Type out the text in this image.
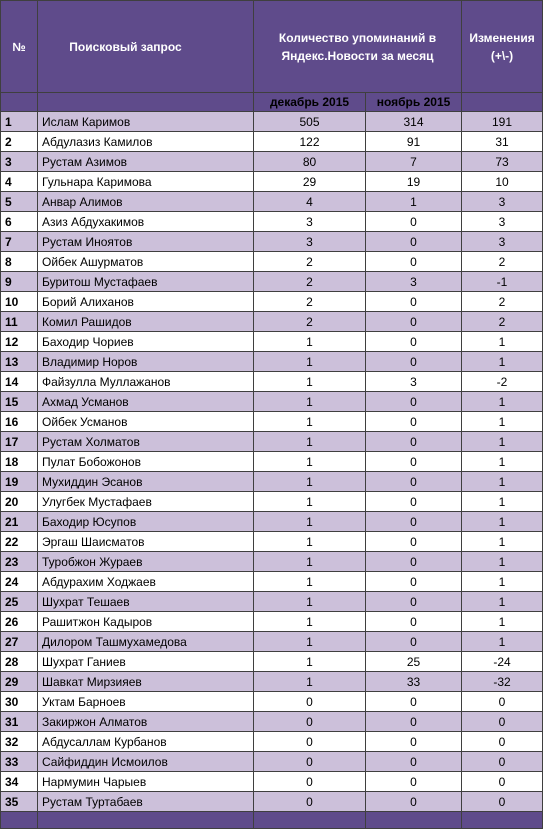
№	Поисковый запрос	Количество упоминаний в Яндекс.Новости за месяц		Изменения (+\-)
		декабрь 2015	ноябрь 2015	
1	Ислам Каримов	505	314	191
2	Абдулазиз Камилов	122	91	31
3	Рустам Азимов	80	7	73
4	Гульнара Каримова	29	19	10
5	Анвар Алимов	4	1	3
6	Азиз Абдухакимов	3	0	3
7	Рустам Иноятов	3	0	3
8	Ойбек Ашурматов	2	0	2
9	Буритош Мустафаев	2	3	-1
10	Борий Алиханов	2	0	2
11	Комил Рашидов	2	0	2
12	Баходир Чориев	1	0	1
13	Владимир Норов	1	0	1
14	Файзулла Муллажанов	1	3	-2
15	Ахмад Усманов	1	0	1
16	Ойбек Усманов	1	0	1
17	Рустам Холматов	1	0	1
18	Пулат Бобожонов	1	0	1
19	Мухиддин Эсанов	1	0	1
20	Улугбек Мустафаев	1	0	1
21	Баходир Юсупов	1	0	1
22	Эргаш Шаисматов	1	0	1
23	Туробжон Жураев	1	0	1
24	Абдурахим Ходжаев	1	0	1
25	Шухрат Тешаев	1	0	1
26	Рашитжон Кадыров	1	0	1
27	Дилором Ташмухамедова	1	0	1
28	Шухрат Ганиев	1	25	-24
29	Шавкат Мирзияев	1	33	-32
30	Уктам Барноев	0	0	0
31	Закиржон Алматов	0	0	0
32	Абдусаллам Курбанов	0	0	0
33	Сайфиддин Исмоилов	0	0	0
34	Нармумин Чарыев	0	0	0
35	Рустам Туртабаев	0	0	0
